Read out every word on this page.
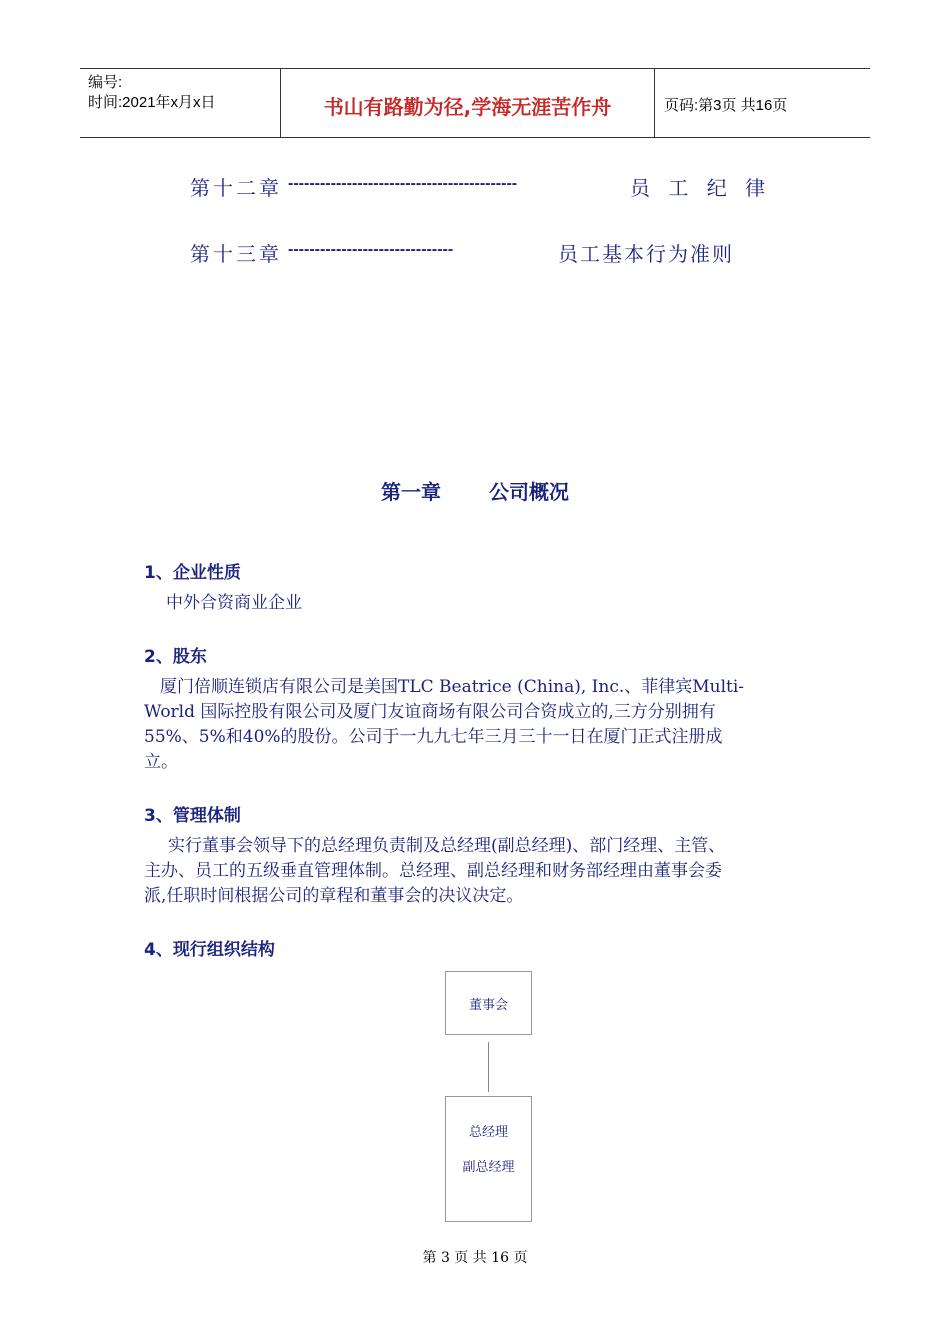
编号:
时间:2021年x月x日	书山有路勤为径,学海无涯苦作舟	页码:第3页 共16页
第十二章 -------------------------------------------	员 工 纪 律
第十三章 -------------------------------	员工基本行为准则
第一章 公司概况
1、企业性质
中外合资商业企业
2、股东
厦门倍顺连锁店有限公司是美国TLC Beatrice (China), Inc.、菲律宾Multi-
World 国际控股有限公司及厦门友谊商场有限公司合资成立的,三方分别拥有
55%、5%和40%的股份。公司于一九九七年三月三十一日在厦门正式注册成
立。
3、管理体制
实行董事会领导下的总经理负责制及总经理(副总经理)、部门经理、主管、
主办、员工的五级垂直管理体制。总经理、副总经理和财务部经理由董事会委
派,任职时间根据公司的章程和董事会的决议决定。
4、现行组织结构
董事会
总经理
副总经理
第 3 页 共 16 页
